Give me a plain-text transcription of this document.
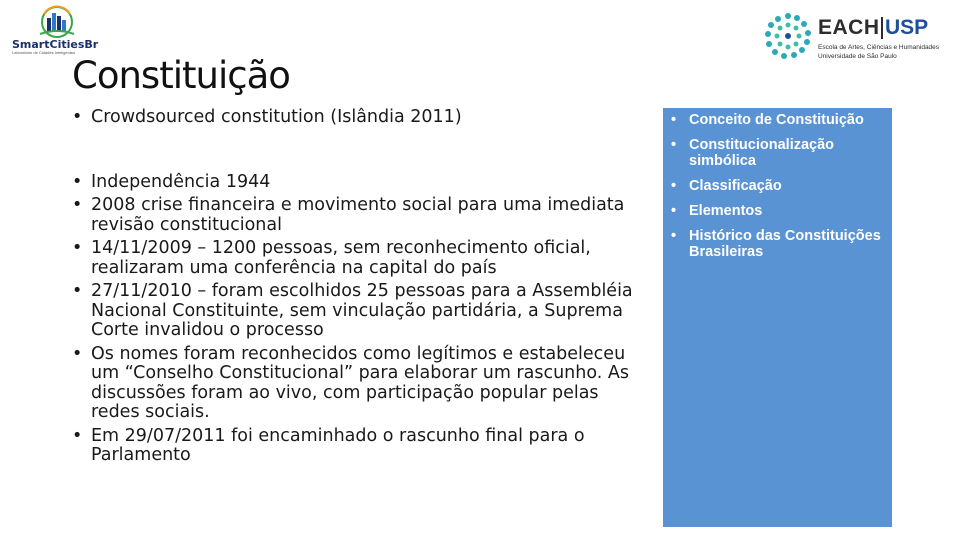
SmartCitiesBr
Laboratório de Cidades Inteligentes
EACH USP
Escola de Artes, Ciências e Humanidades
Universidade de São Paulo
Constituição
• Crowdsourced constitution (Islândia 2011)
• Independência 1944
• 2008 crise financeira e movimento social para uma imediata revisão constitucional
• 14/11/2009 – 1200 pessoas, sem reconhecimento oficial, realizaram uma conferência na capital do país
• 27/11/2010 – foram escolhidos 25 pessoas para a Assembléia Nacional Constituinte, sem vinculação partidária, a Suprema Corte invalidou o processo
• Os nomes foram reconhecidos como legítimos e estabeleceu um “Conselho Constitucional” para elaborar um rascunho. As discussões foram ao vivo, com participação popular pelas redes sociais.
• Em 29/07/2011 foi encaminhado o rascunho final para o Parlamento
• Conceito de Constituição
• Constitucionalização simbólica
• Classificação
• Elementos
• Histórico das Constituições Brasileiras
